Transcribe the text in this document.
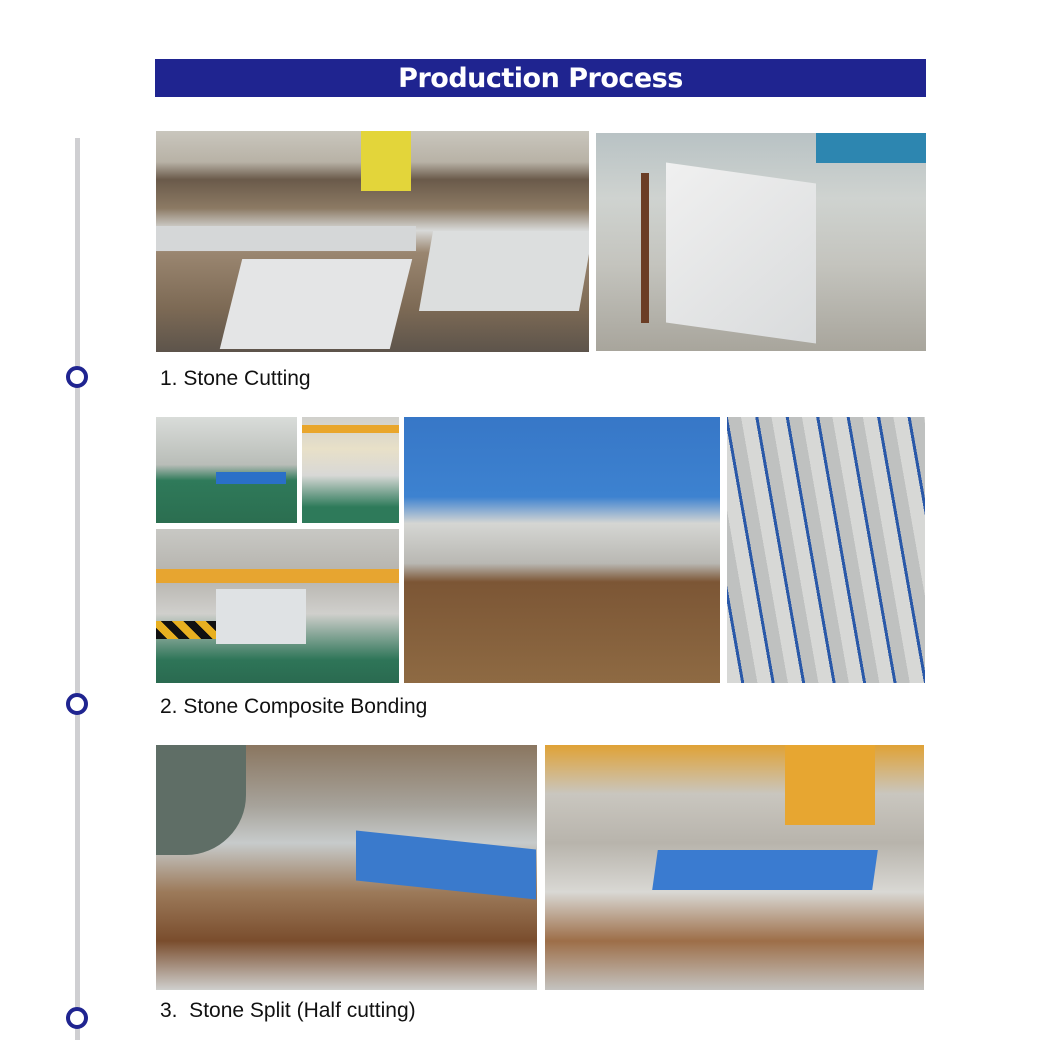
Production Process
1. Stone Cutting
2. Stone Composite Bonding
3.  Stone Split (Half cutting)
